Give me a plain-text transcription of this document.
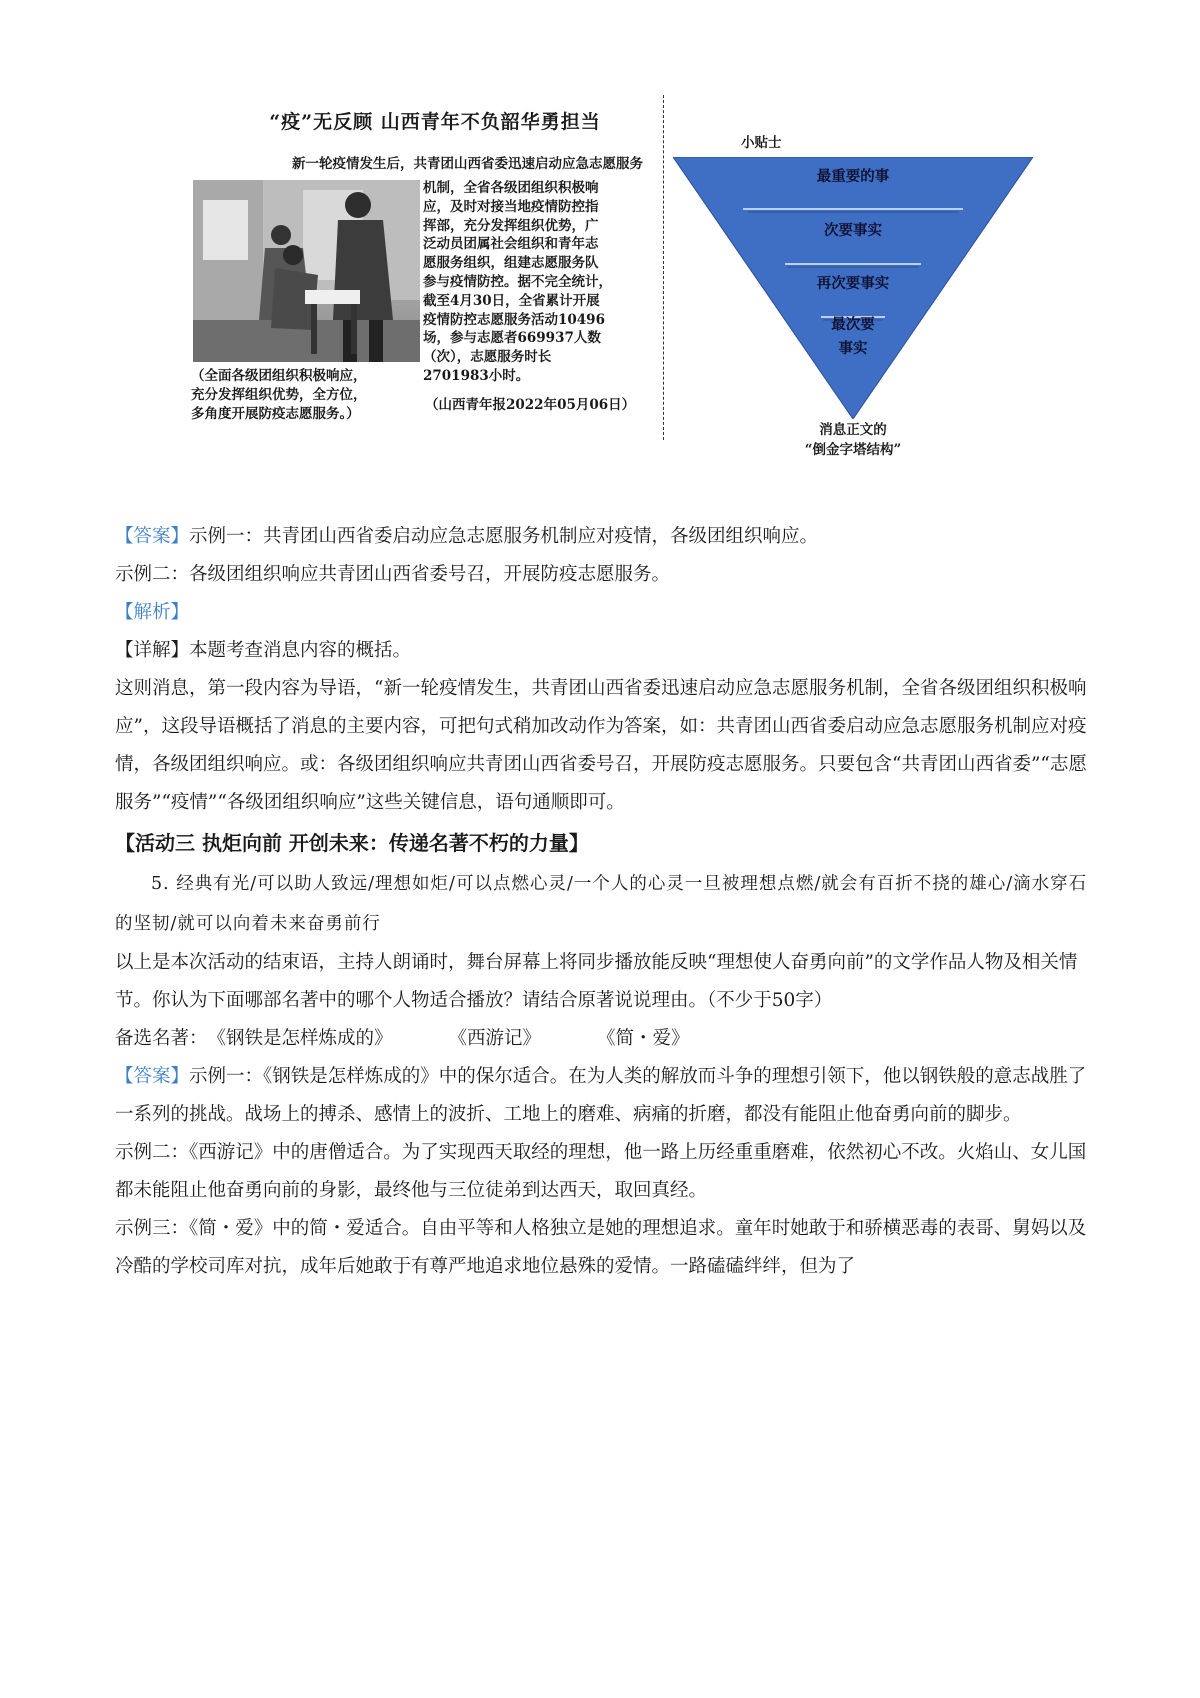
“疫”无反顾 山西青年不负韶华勇担当
新一轮疫情发生后，共青团山西省委迅速启动应急志愿服务
机制，全省各级团组织积极响
应，及时对接当地疫情防控指
挥部，充分发挥组织优势，广
泛动员团属社会组织和青年志
愿服务组织，组建志愿服务队
参与疫情防控。据不完全统计，
截至4月30日，全省累计开展
疫情防控志愿服务活动10496
场，参与志愿者669937人数
（次），志愿服务时长
2701983小时。
（全面各级团组织积极响应，
充分发挥组织优势，全方位，
多角度开展防疫志愿服务。）
（山西青年报2022年05月06日）
小贴士
最重要的事
次要事实
再次要事实
最次要
事实
消息正文的
“倒金字塔结构”

【答案】示例一：共青团山西省委启动应急志愿服务机制应对疫情，各级团组织响应。

示例二：各级团组织响应共青团山西省委号召，开展防疫志愿服务。

【解析】

【详解】本题考查消息内容的概括。

这则消息，第一段内容为导语，“新一轮疫情发生，共青团山西省委迅速启动应急志愿服务机制，全省各级团组织积极响应”，这段导语概括了消息的主要内容，可把句式稍加改动作为答案，如：共青团山西省委启动应急志愿服务机制应对疫情，各级团组织响应。或：各级团组织响应共青团山西省委号召，开展防疫志愿服务。只要包含“共青团山西省委”“志愿服务”“疫情”“各级团组织响应”这些关键信息，语句通顺即可。

【活动三 执炬向前 开创未来：传递名著不朽的力量】

5. 经典有光/可以助人致远/理想如炬/可以点燃心灵/一个人的心灵一旦被理想点燃/就会有百折不挠的雄心/滴水穿石的坚韧/就可以向着未来奋勇前行

以上是本次活动的结束语，主持人朗诵时，舞台屏幕上将同步播放能反映“理想使人奋勇向前”的文学作品人物及相关情节。你认为下面哪部名著中的哪个人物适合播放？请结合原著说说理由。（不少于50字）

备选名著：《钢铁是怎样炼成的》	《西游记》	《简・爱》

【答案】示例一：《钢铁是怎样炼成的》中的保尔适合。在为人类的解放而斗争的理想引领下，他以钢铁般的意志战胜了一系列的挑战。战场上的搏杀、感情上的波折、工地上的磨难、病痛的折磨，都没有能阻止他奋勇向前的脚步。

示例二：《西游记》中的唐僧适合。为了实现西天取经的理想，他一路上历经重重磨难，依然初心不改。火焰山、女儿国都未能阻止他奋勇向前的身影，最终他与三位徒弟到达西天，取回真经。

示例三：《简・爱》中的简・爱适合。自由平等和人格独立是她的理想追求。童年时她敢于和骄横恶毒的表哥、舅妈以及冷酷的学校司库对抗，成年后她敢于有尊严地追求地位悬殊的爱情。一路磕磕绊绊，但为了
